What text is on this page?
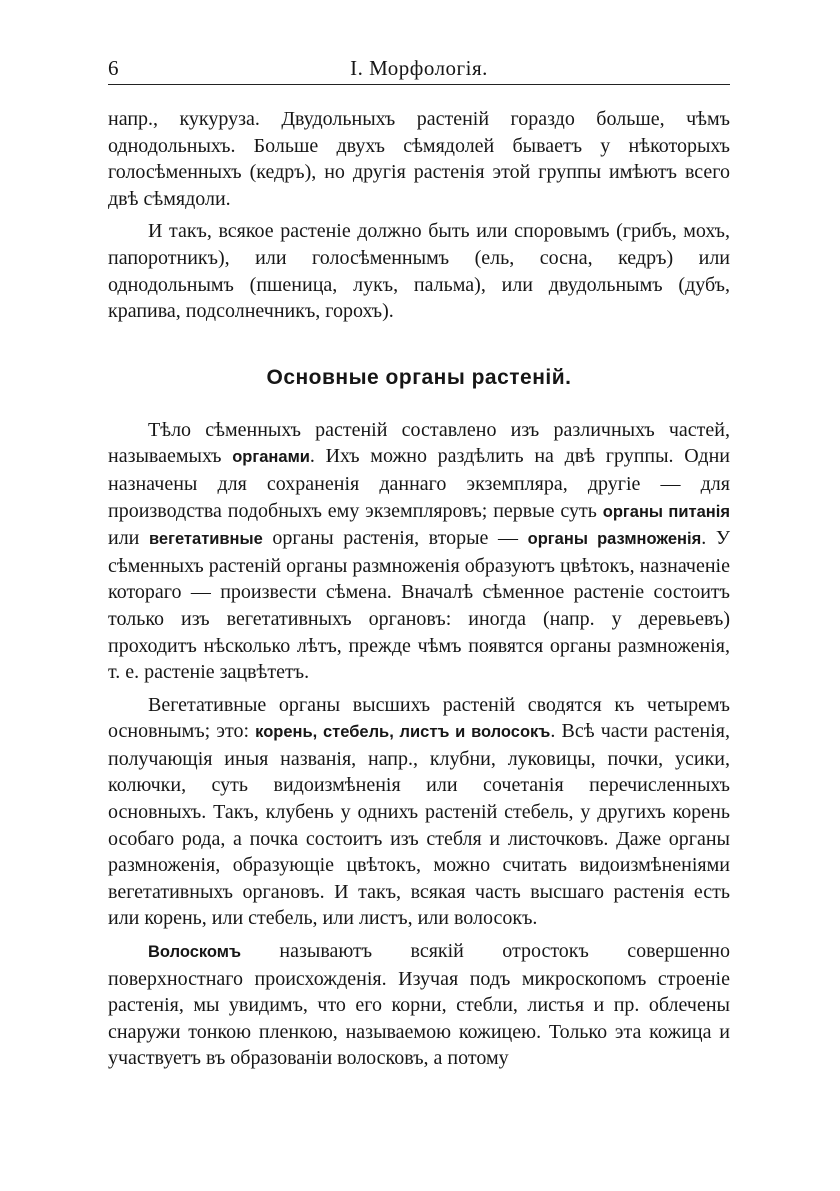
6	I. Морфологія.

напр., кукуруза. Двудольныхъ растеній гораздо больше, чѣмъ однодольныхъ. Больше двухъ сѣмядолей бываетъ у нѣкоторыхъ голосѣменныхъ (кедръ), но другія растенія этой группы имѣютъ всего двѣ сѣмядоли.

И такъ, всякое растеніе должно быть или споровымъ (грибъ, мохъ, папоротникъ), или голосѣменнымъ (ель, сосна, кедръ) или однодольнымъ (пшеница, лукъ, пальма), или двудольнымъ (дубъ, крапива, подсолнечникъ, горохъ).

Основные органы растеній.

Тѣло сѣменныхъ растеній составлено изъ различныхъ частей, называемыхъ органами. Ихъ можно раздѣлить на двѣ группы. Одни назначены для сохраненія даннаго экземпляра, другіе — для производства подобныхъ ему экземпляровъ; первые суть органы питанія или вегетативные органы растенія, вторые — органы размноженія. У сѣменныхъ растеній органы размноженія образуютъ цвѣтокъ, назначеніе котораго — произвести сѣмена. Вначалѣ сѣменное растеніе состоитъ только изъ вегетативныхъ органовъ: иногда (напр. у деревьевъ) проходитъ нѣсколько лѣтъ, прежде чѣмъ появятся органы размноженія, т. е. растеніе зацвѣтетъ.

Вегетативные органы высшихъ растеній сводятся къ четыремъ основнымъ; это: корень, стебель, листъ и волосокъ. Всѣ части растенія, получающія иныя названія, напр., клубни, луковицы, почки, усики, колючки, суть видоизмѣненія или сочетанія перечисленныхъ основныхъ. Такъ, клубень у однихъ растеній стебель, у другихъ корень особаго рода, а почка состоитъ изъ стебля и листочковъ. Даже органы размноженія, образующіе цвѣтокъ, можно считать видоизмѣненіями вегетативныхъ органовъ. И такъ, всякая часть высшаго растенія есть или корень, или стебель, или листъ, или волосокъ.

Волоскомъ называютъ всякій отростокъ совершенно поверхностнаго происхожденія. Изучая подъ микроскопомъ строеніе растенія, мы увидимъ, что его корни, стебли, листья и пр. облечены снаружи тонкою пленкою, называемою кожицею. Только эта кожица и участвуетъ въ образованіи волосковъ, а потому
